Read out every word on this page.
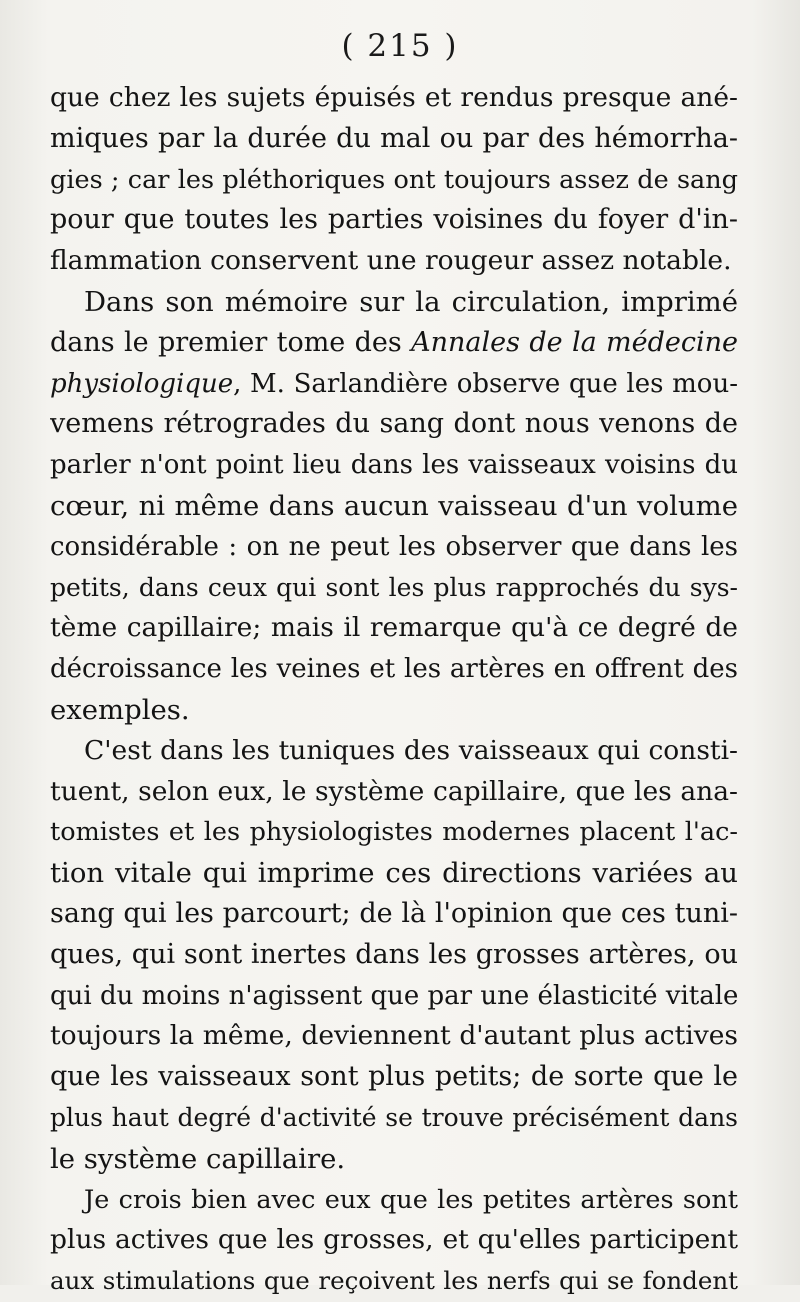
( 215 )
que chez les sujets épuisés et rendus presque ané-
miques par la durée du mal ou par des hémorrha-
gies ; car les pléthoriques ont toujours assez de sang
pour que toutes les parties voisines du foyer d'in-
flammation conservent une rougeur assez notable.
Dans son mémoire sur la circulation, imprimé
dans le premier tome des Annales de la médecine
physiologique, M. Sarlandière observe que les mou-
vemens rétrogrades du sang dont nous venons de
parler n'ont point lieu dans les vaisseaux voisins du
cœur, ni même dans aucun vaisseau d'un volume
considérable : on ne peut les observer que dans les
petits, dans ceux qui sont les plus rapprochés du sys-
tème capillaire; mais il remarque qu'à ce degré de
décroissance les veines et les artères en offrent des
exemples.
C'est dans les tuniques des vaisseaux qui consti-
tuent, selon eux, le système capillaire, que les ana-
tomistes et les physiologistes modernes placent l'ac-
tion vitale qui imprime ces directions variées au
sang qui les parcourt; de là l'opinion que ces tuni-
ques, qui sont inertes dans les grosses artères, ou
qui du moins n'agissent que par une élasticité vitale
toujours la même, deviennent d'autant plus actives
que les vaisseaux sont plus petits; de sorte que le
plus haut degré d'activité se trouve précisément dans
le système capillaire.
Je crois bien avec eux que les petites artères sont
plus actives que les grosses, et qu'elles participent
aux stimulations que reçoivent les nerfs qui se fondent
